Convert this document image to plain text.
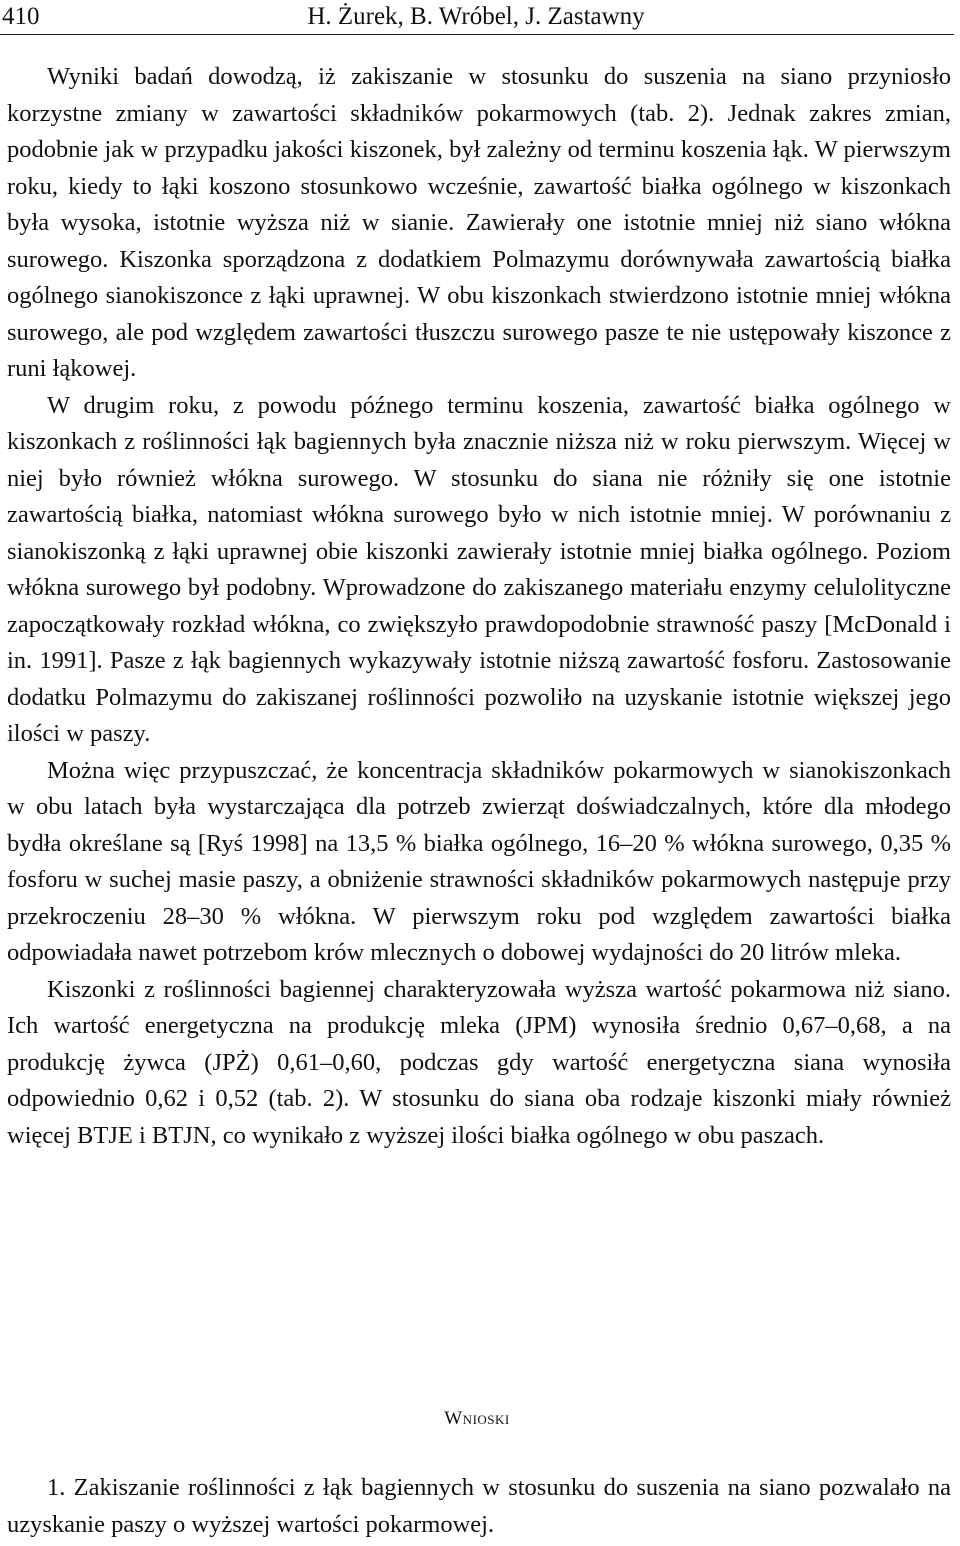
410	H. Żurek, B. Wróbel, J. Zastawny

Wyniki badań dowodzą, iż zakiszanie w stosunku do suszenia na siano przyniosło korzystne zmiany w zawartości składników pokarmowych (tab. 2). Jednak zakres zmian, podobnie jak w przypadku jakości kiszonek, był zależny od terminu koszenia łąk. W pierwszym roku, kiedy to łąki koszono stosunkowo wcześnie, zawartość białka ogólnego w kiszonkach była wysoka, istotnie wyższa niż w sianie. Zawierały one istotnie mniej niż siano włókna surowego. Kiszonka sporządzona z dodatkiem Polmazymu dorównywała zawartością białka ogólnego sianokiszonce z łąki uprawnej. W obu kiszonkach stwierdzono istotnie mniej włókna surowego, ale pod względem zawartości tłuszczu surowego pasze te nie ustępowały kiszonce z runi łąkowej.

W drugim roku, z powodu późnego terminu koszenia, zawartość białka ogólnego w kiszonkach z roślinności łąk bagiennych była znacznie niższa niż w roku pierwszym. Więcej w niej było również włókna surowego. W stosunku do siana nie różniły się one istotnie zawartością białka, natomiast włókna surowego było w nich istotnie mniej. W porównaniu z sianokiszonką z łąki uprawnej obie kiszonki zawierały istotnie mniej białka ogólnego. Poziom włókna surowego był podobny. Wprowadzone do zakiszanego materiału enzymy celulolityczne zapoczątkowały rozkład włókna, co zwiększyło prawdopodobnie strawność paszy [McDonald i in. 1991]. Pasze z łąk bagiennych wykazywały istotnie niższą zawartość fosforu. Zastosowanie dodatku Polmazymu do zakiszanej roślinności pozwoliło na uzyskanie istotnie większej jego ilości w paszy.

Można więc przypuszczać, że koncentracja składników pokarmowych w sianokiszonkach w obu latach była wystarczająca dla potrzeb zwierząt doświadczalnych, które dla młodego bydła określane są [Ryś 1998] na 13,5 % białka ogólnego, 16–20 % włókna surowego, 0,35 % fosforu w suchej masie paszy, a obniżenie strawności składników pokarmowych następuje przy przekroczeniu 28–30 % włókna. W pierwszym roku pod względem zawartości białka odpowiadała nawet potrzebom krów mlecznych o dobowej wydajności do 20 litrów mleka.

Kiszonki z roślinności bagiennej charakteryzowała wyższa wartość pokarmowa niż siano. Ich wartość energetyczna na produkcję mleka (JPM) wynosiła średnio 0,67–0,68, a na produkcję żywca (JPŻ) 0,61–0,60, podczas gdy wartość energetyczna siana wynosiła odpowiednio 0,62 i 0,52 (tab. 2). W stosunku do siana oba rodzaje kiszonki miały również więcej BTJE i BTJN, co wynikało z wyższej ilości białka ogólnego w obu paszach.

Wnioski

1. Zakiszanie roślinności z łąk bagiennych w stosunku do suszenia na siano pozwalało na uzyskanie paszy o wyższej wartości pokarmowej.
